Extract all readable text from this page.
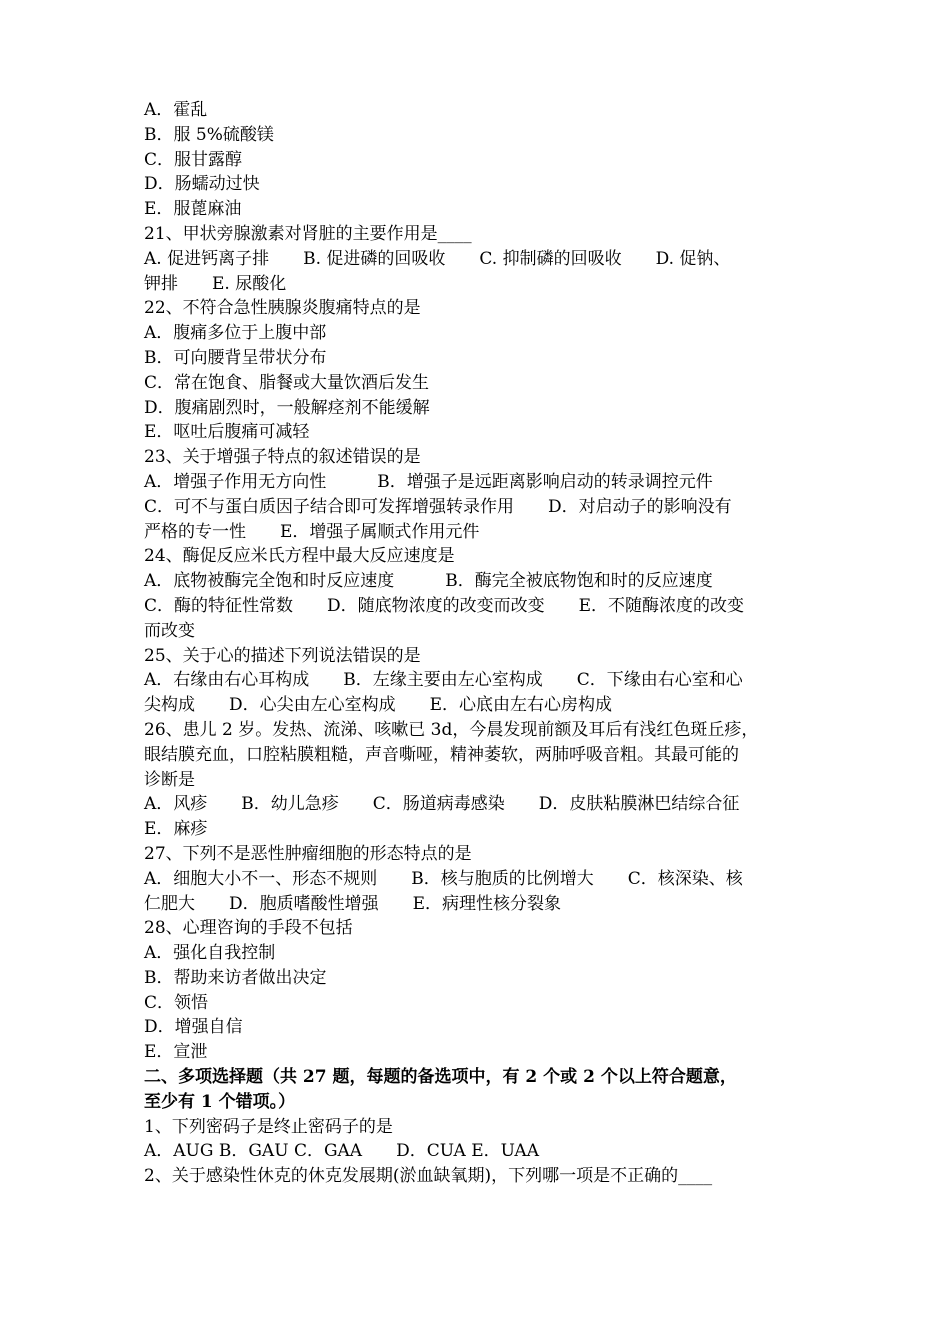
A．霍乱
B．服 5%硫酸镁
C．服甘露醇
D．肠蠕动过快
E．服蓖麻油
21、甲状旁腺激素对肾脏的主要作用是____
A. 促进钙离子排　　B. 促进磷的回吸收　　C. 抑制磷的回吸收　　D. 促钠、
钾排　　E. 尿酸化
22、不符合急性胰腺炎腹痛特点的是
A．腹痛多位于上腹中部
B．可向腰背呈带状分布
C．常在饱食、脂餐或大量饮酒后发生
D．腹痛剧烈时，一般解痉剂不能缓解
E．呕吐后腹痛可减轻
23、关于增强子特点的叙述错误的是
A．增强子作用无方向性　　　B．增强子是远距离影响启动的转录调控元件
C．可不与蛋白质因子结合即可发挥增强转录作用　　D．对启动子的影响没有
严格的专一性　　E．增强子属顺式作用元件
24、酶促反应米氏方程中最大反应速度是
A．底物被酶完全饱和时反应速度　　　B．酶完全被底物饱和时的反应速度
C．酶的特征性常数　　D．随底物浓度的改变而改变　　E．不随酶浓度的改变
而改变
25、关于心的描述下列说法错误的是
A．右缘由右心耳构成　　B．左缘主要由左心室构成　　C．下缘由右心室和心
尖构成　　D．心尖由左心室构成　　E．心底由左右心房构成
26、患儿 2 岁。发热、流涕、咳嗽已 3d，今晨发现前额及耳后有浅红色斑丘疹，
眼结膜充血，口腔粘膜粗糙，声音嘶哑，精神萎软，两肺呼吸音粗。其最可能的
诊断是
A．风疹　　B．幼儿急疹　　C．肠道病毒感染　　D．皮肤粘膜淋巴结综合征
E．麻疹
27、下列不是恶性肿瘤细胞的形态特点的是
A．细胞大小不一、形态不规则　　B．核与胞质的比例增大　　C．核深染、核
仁肥大　　D．胞质嗜酸性增强　　E．病理性核分裂象
28、心理咨询的手段不包括
A．强化自我控制
B．帮助来访者做出决定
C．领悟
D．增强自信
E．宣泄
二、多项选择题（共 27 题，每题的备选项中，有 2 个或 2 个以上符合题意，
至少有 1 个错项。）
1、下列密码子是终止密码子的是
A．AUG B．GAU C．GAA　　D．CUA E．UAA
2、关于感染性休克的休克发展期(淤血缺氧期)，下列哪一项是不正确的____
